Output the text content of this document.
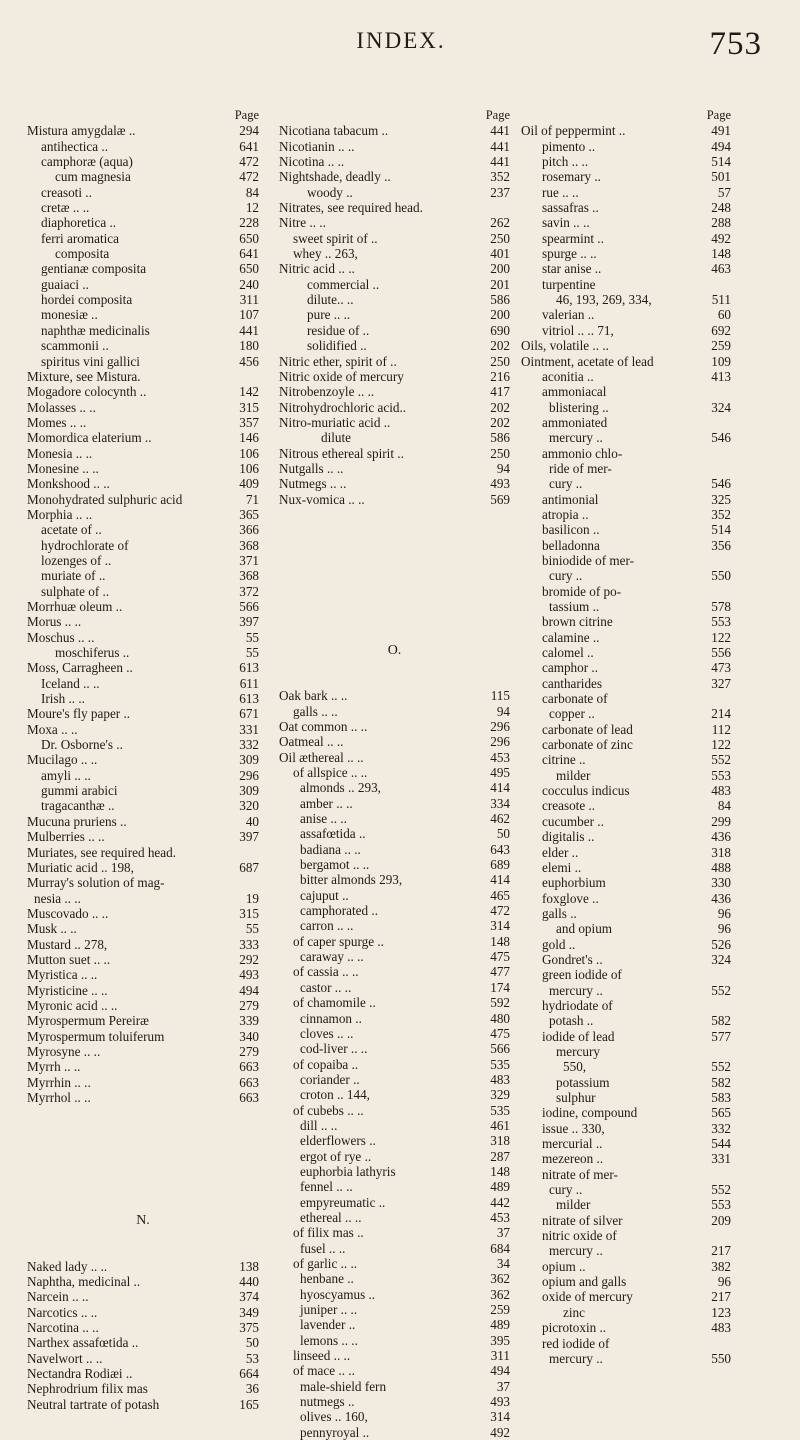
INDEX.	753
Page
Mistura amygdalæ ..	294
antihectica ..	641
camphoræ (aqua)	472
cum magnesia	472
creasoti ..	84
cretæ .. ..	12
diaphoretica ..	228
ferri aromatica	650
composita	641
gentianæ composita	650
guaiaci ..	240
hordei composita	311
monesiæ ..	107
naphthæ medicinalis	441
scammonii ..	180
spiritus vini gallici	456
Mixture, see Mistura.
Mogadore colocynth ..	142
Molasses .. ..	315
Momes .. ..	357
Momordica elaterium ..	146
Monesia .. ..	106
Monesine .. ..	106
Monkshood .. ..	409
Monohydrated sulphuric acid	71
Morphia .. ..	365
acetate of ..	366
hydrochlorate of	368
lozenges of ..	371
muriate of ..	368
sulphate of ..	372
Morrhuæ oleum ..	566
Morus .. ..	397
Moschus .. ..	55
moschiferus ..	55
Moss, Carragheen ..	613
Iceland .. ..	611
Irish .. ..	613
Moure's fly paper ..	671
Moxa .. ..	331
Dr. Osborne's ..	332
Mucilago .. ..	309
amyli .. ..	296
gummi arabici	309
tragacanthæ ..	320
Mucuna pruriens ..	40
Mulberries .. ..	397
Muriates, see required head.
Muriatic acid .. 198,	687
Murray's solution of mag-
nesia .. ..	19
Muscovado .. ..	315
Musk .. ..	55
Mustard .. 278,	333
Mutton suet .. ..	292
Myristica .. ..	493
Myristicine .. ..	494
Myronic acid .. ..	279
Myrospermum Pereiræ	339
Myrospermum toluiferum	340
Myrosyne .. ..	279
Myrrh .. ..	663
Myrrhin .. ..	663
Myrrhol .. ..	663
N.
Naked lady .. ..	138
Naphtha, medicinal ..	440
Narcein .. ..	374
Narcotics .. ..	349
Narcotina .. ..	375
Narthex assafœtida ..	50
Navelwort .. ..	53
Nectandra Rodiæi ..	664
Nephrodrium filix mas	36
Neutral tartrate of potash	165
Page
Nicotiana tabacum ..	441
Nicotianin .. ..	441
Nicotina .. ..	441
Nightshade, deadly ..	352
woody ..	237
Nitrates, see required head.
Nitre .. ..	262
sweet spirit of ..	250
whey .. 263,	401
Nitric acid .. ..	200
commercial ..	201
dilute.. ..	586
pure .. ..	200
residue of ..	690
solidified ..	202
Nitric ether, spirit of ..	250
Nitric oxide of mercury	216
Nitrobenzoyle .. ..	417
Nitrohydrochloric acid..	202
Nitro-muriatic acid ..	202
dilute	586
Nitrous ethereal spirit ..	250
Nutgalls .. ..	94
Nutmegs .. ..	493
Nux-vomica .. ..	569
O.
Oak bark .. ..	115
galls .. ..	94
Oat common .. ..	296
Oatmeal .. ..	296
Oil æthereal .. ..	453
of allspice .. ..	495
almonds .. 293,	414
amber .. ..	334
anise .. ..	462
assafœtida ..	50
badiana .. ..	643
bergamot .. ..	689
bitter almonds 293,	414
cajuput ..	465
camphorated ..	472
carron .. ..	314
of caper spurge ..	148
caraway .. ..	475
of cassia .. ..	477
castor .. ..	174
of chamomile ..	592
cinnamon ..	480
cloves .. ..	475
cod-liver .. ..	566
of copaiba ..	535
coriander ..	483
croton .. 144,	329
of cubebs .. ..	535
dill .. ..	461
elderflowers ..	318
ergot of rye ..	287
euphorbia lathyris	148
fennel .. ..	489
empyreumatic ..	442
ethereal .. ..	453
of filix mas ..	37
fusel .. ..	684
of garlic .. ..	34
henbane ..	362
hyoscyamus ..	362
juniper .. ..	259
lavender ..	489
lemons .. ..	395
linseed .. ..	311
of mace .. ..	494
male-shield fern	37
nutmegs ..	493
olives .. 160,	314
pennyroyal ..	492
Page
Oil of peppermint ..	491
pimento ..	494
pitch .. ..	514
rosemary ..	501
rue .. ..	57
sassafras ..	248
savin .. ..	288
spearmint ..	492
spurge .. ..	148
star anise ..	463
turpentine
46, 193, 269, 334,	511
valerian ..	60
vitriol .. .. 71,	692
Oils, volatile .. ..	259
Ointment, acetate of lead	109
aconitia ..	413
ammoniacal
blistering ..	324
ammoniated
mercury ..	546
ammonio chlo-
ride of mer-
cury ..	546
antimonial	325
atropia ..	352
basilicon ..	514
belladonna	356
biniodide of mer-
cury ..	550
bromide of po-
tassium ..	578
brown citrine	553
calamine ..	122
calomel ..	556
camphor ..	473
cantharides	327
carbonate of
copper ..	214
carbonate of lead	112
carbonate of zinc	122
citrine ..	552
milder	553
cocculus indicus	483
creasote ..	84
cucumber ..	299
digitalis ..	436
elder ..	318
elemi ..	488
euphorbium	330
foxglove ..	436
galls ..	96
and opium	96
gold ..	526
Gondret's ..	324
green iodide of
mercury ..	552
hydriodate of
potash ..	582
iodide of lead	577
mercury
550,	552
potassium	582
sulphur	583
iodine, compound	565
issue .. 330,	332
mercurial ..	544
mezereon ..	331
nitrate of mer-
cury ..	552
milder	553
nitrate of silver	209
nitric oxide of
mercury ..	217
opium ..	382
opium and galls	96
oxide of mercury	217
zinc	123
picrotoxin ..	483
red iodide of
mercury ..	550
